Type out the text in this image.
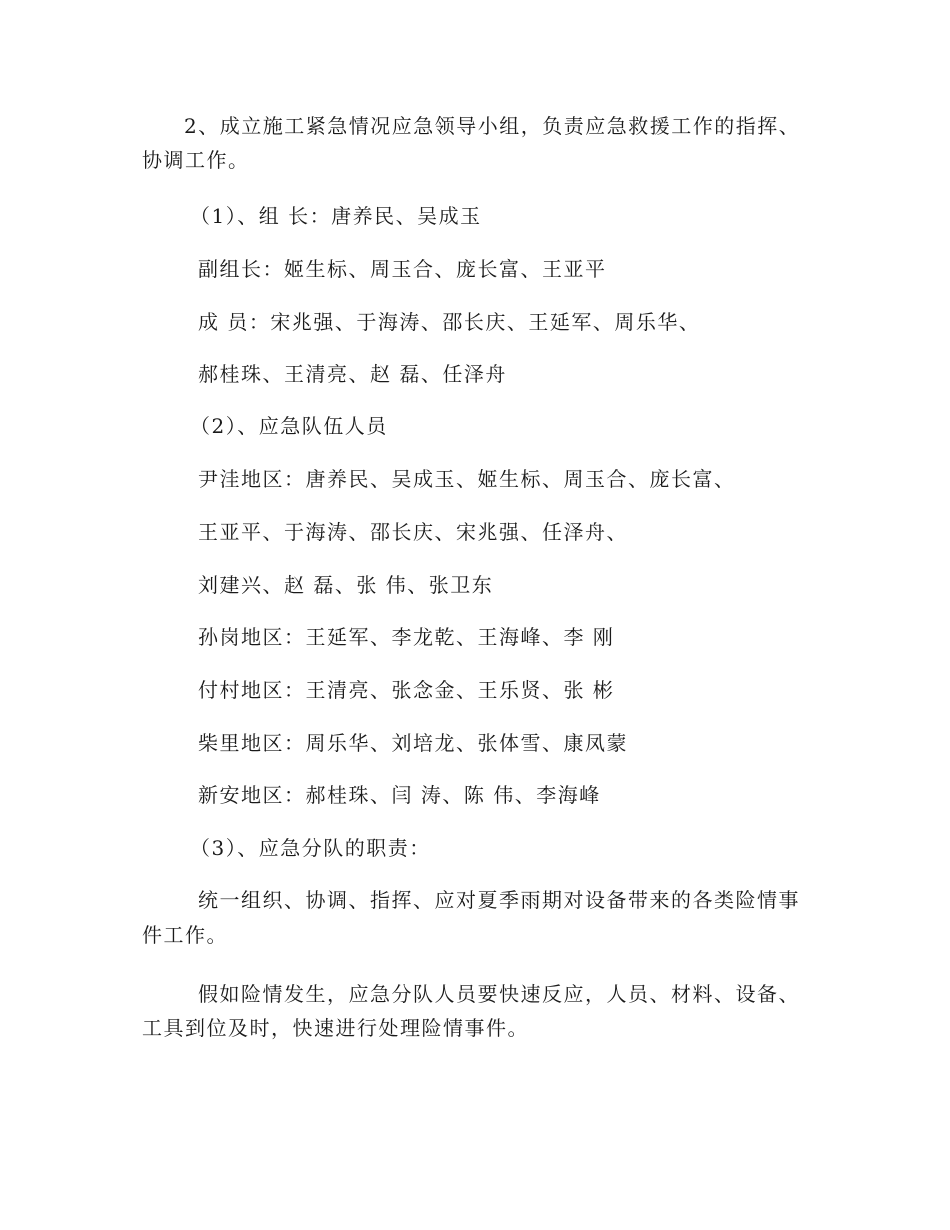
2、成立施工紧急情况应急领导小组，负责应急救援工作的指挥、

协调工作。

（1）、组 长：唐养民、吴成玉

副组长：姬生标、周玉合、庞长富、王亚平

成 员：宋兆强、于海涛、邵长庆、王延军、周乐华、

郝桂珠、王清亮、赵 磊、任泽舟

（2）、应急队伍人员

尹洼地区：唐养民、吴成玉、姬生标、周玉合、庞长富、

王亚平、于海涛、邵长庆、宋兆强、任泽舟、

刘建兴、赵 磊、张 伟、张卫东

孙岗地区：王延军、李龙乾、王海峰、李 刚

付村地区：王清亮、张念金、王乐贤、张 彬

柴里地区：周乐华、刘培龙、张体雪、康凤蒙

新安地区：郝桂珠、闫 涛、陈 伟、李海峰

（3）、应急分队的职责：

统一组织、协调、指挥、应对夏季雨期对设备带来的各类险情事

件工作。

假如险情发生，应急分队人员要快速反应，人员、材料、设备、

工具到位及时，快速进行处理险情事件。
